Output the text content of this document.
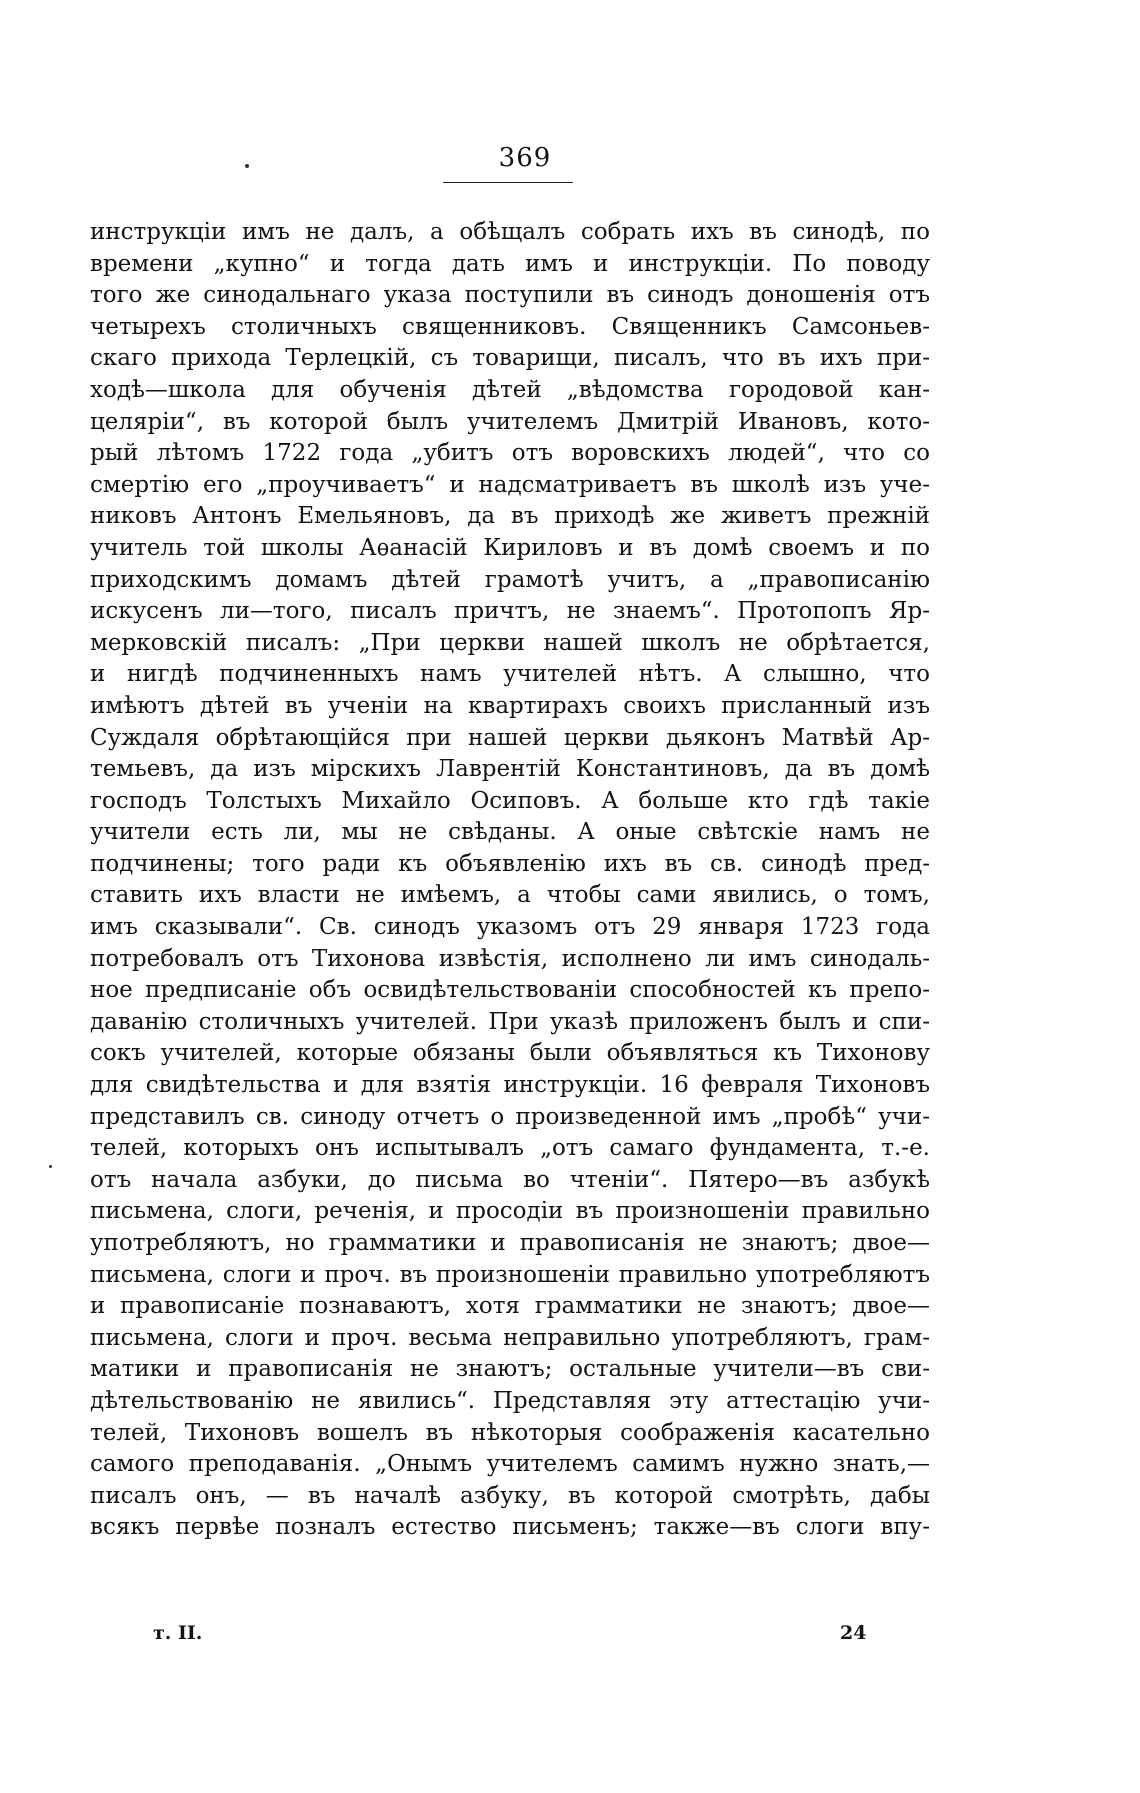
369
инструкціи имъ не далъ, а обѣщалъ собрать ихъ въ синодѣ, по
времени „купно“ и тогда дать имъ и инструкціи. По поводу
того же синодальнаго указа поступили въ синодъ доношенія отъ
четырехъ столичныхъ священниковъ. Священникъ Самсоньев-
скаго прихода Терлецкій, съ товарищи, писалъ, что въ ихъ при-
ходѣ—школа для обученія дѣтей „вѣдомства городовой кан-
целяріи“, въ которой былъ учителемъ Дмитрій Ивановъ, кото-
рый лѣтомъ 1722 года „убитъ отъ воровскихъ людей“, что со
смертію его „проучиваетъ“ и надсматриваетъ въ школѣ изъ уче-
никовъ Антонъ Емельяновъ, да въ приходѣ же живетъ прежній
учитель той школы Аѳанасій Кириловъ и въ домѣ своемъ и по
приходскимъ домамъ дѣтей грамотѣ учитъ, а „правописанію
искусенъ ли—того, писалъ причтъ, не знаемъ“. Протопопъ Яр-
мерковскій писалъ: „При церкви нашей школъ не обрѣтается,
и нигдѣ подчиненныхъ намъ учителей нѣтъ. А слышно, что
имѣютъ дѣтей въ ученіи на квартирахъ своихъ присланный изъ
Суждаля обрѣтающійся при нашей церкви дьяконъ Матвѣй Ар-
темьевъ, да изъ мірскихъ Лаврентій Константиновъ, да въ домѣ
господъ Толстыхъ Михайло Осиповъ. А больше кто гдѣ такіе
учители есть ли, мы не свѣданы. А оные свѣтскіе намъ не
подчинены; того ради къ объявленію ихъ въ св. синодѣ пред-
ставить ихъ власти не имѣемъ, а чтобы сами явились, о томъ,
имъ сказывали“. Св. синодъ указомъ отъ 29 января 1723 года
потребовалъ отъ Тихонова извѣстія, исполнено ли имъ синодаль-
ное предписаніе объ освидѣтельствованіи способностей къ препо-
даванію столичныхъ учителей. При указѣ приложенъ былъ и спи-
сокъ учителей, которые обязаны были объявляться къ Тихонову
для свидѣтельства и для взятія инструкціи. 16 февраля Тихоновъ
представилъ св. синоду отчетъ о произведенной имъ „пробѣ“ учи-
телей, которыхъ онъ испытывалъ „отъ самаго фундамента, т.-е.
отъ начала азбуки, до письма во чтеніи“. Пятеро—въ азбукѣ
письмена, слоги, реченія, и просодіи въ произношеніи правильно
употребляютъ, но грамматики и правописанія не знаютъ; двое—
письмена, слоги и проч. въ произношеніи правильно употребляютъ
и правописаніе познаваютъ, хотя грамматики не знаютъ; двое—
письмена, слоги и проч. весьма неправильно употребляютъ, грам-
матики и правописанія не знаютъ; остальные учители—въ сви-
дѣтельствованію не явились“. Представляя эту аттестацію учи-
телей, Тихоновъ вошелъ въ нѣкоторыя соображенія касательно
самого преподаванія. „Онымъ учителемъ самимъ нужно знать,—
писалъ онъ, — въ началѣ азбуку, въ которой смотрѣть, дабы
всякъ первѣе позналъ естество письменъ; также—въ слоги впу-
т. II.	24
